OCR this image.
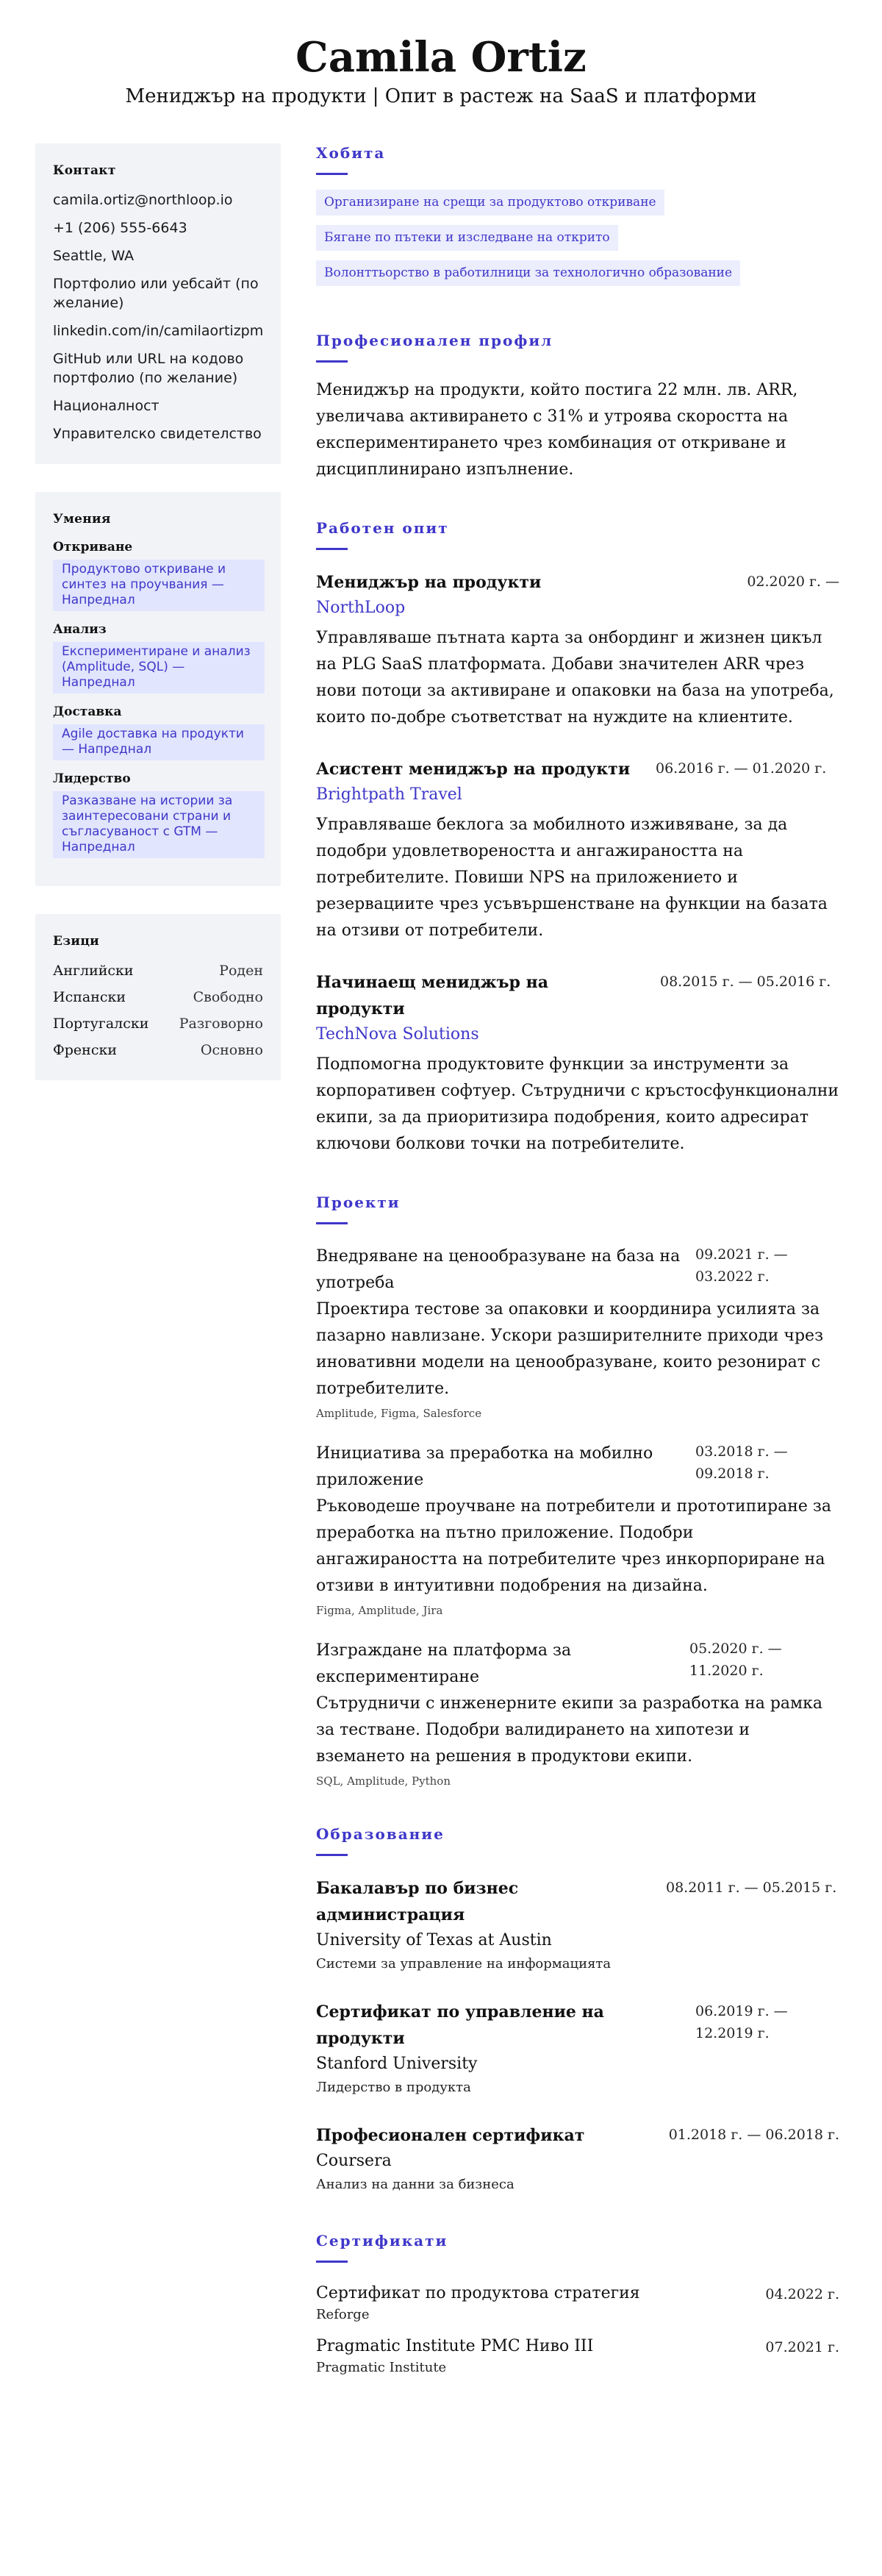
Camila Ortiz
Мениджър на продукти | Опит в растеж на SaaS и платформи
Контакт
camila.ortiz@northloop.io
+1 (206) 555-6643
Seattle, WA
Портфолио или уебсайт (по желание)
linkedin.com/in/camilaortizpm
GitHub или URL на кодово портфолио (по желание)
Националност
Управителско свидетелство
Умения
Откриване
Продуктово откриване и синтез на проучвания — Напреднал
Анализ
Експериментиране и анализ (Amplitude, SQL) — Напреднал
Доставка
Agile доставка на продукти — Напреднал
Лидерство
Разказване на истории за заинтересовани страни и съгласуваност с GTM — Напреднал
Езици
Английски	Роден
Испански	Свободно
Португалски Разговорно
Френски	Основно
Хобита
Организиране на срещи за продуктово откриване
Бягане по пътеки и изследване на открито
Волонттьорство в работилници за технологично образование
Професионален профил

Мениджър на продукти, който постига 22 млн. лв. ARR, увеличава активирането с 31% и утроява скоростта на експериментирането чрез комбинация от откриване и дисциплинирано изпълнение.

Работен опит
Мениджър на продукти	02.2020 г. —
NorthLoop

Управляваше пътната карта за онбординг и жизнен цикъл на PLG SaaS платформата. Добави значителен ARR чрез нови потоци за активиране и опаковки на база на употреба, които по-добре съответстват на нуждите на клиентите.

Асистент мениджър на продукти 06.2016 г. — 01.2020 г.
Brightpath Travel

Управляваше беклога за мобилното изживяване, за да подобри удовлетвореността и ангажираността на потребителите. Повиши NPS на приложението и резервациите чрез усъвършенстване на функции на базата на отзиви от потребители.

Начинаещ мениджър на продукти
08.2015 г. — 05.2016 г.
TechNova Solutions

Подпомогна продуктовите функции за инструменти за корпоративен софтуер. Сътрудничи с кръстосфункционални екипи, за да приоритизира подобрения, които адресират ключови болкови точки на потребителите.

Проекти
Внедряване на ценообразуване на база на употреба
09.2021 г. — 03.2022 г.

Проектира тестове за опаковки и координира усилията за пазарно навлизане. Ускори разширителните приходи чрез иновативни модели на ценообразуване, които резонират с потребителите.

Amplitude, Figma, Salesforce
Инициатива за преработка на мобилно приложение
03.2018 г. — 09.2018 г.

Ръководеше проучване на потребители и прототипиране за преработка на пътно приложение. Подобри ангажираността на потребителите чрез инкорпориране на отзиви в интуитивни подобрения на дизайна.

Figma, Amplitude, Jira
Изграждане на платформа за експериментиране
05.2020 г. — 11.2020 г.

Сътрудничи с инженерните екипи за разработка на рамка за тестване. Подобри валидирането на хипотези и вземането на решения в продуктови екипи.

SQL, Amplitude, Python
Образование
Бакалавър по бизнес администрация
08.2011 г. — 05.2015 г.
University of Texas at Austin
Системи за управление на информацията
Сертификат по управление на продукти
06.2019 г. — 12.2019 г.
Stanford University
Лидерство в продукта
Професионален сертификат	01.2018 г. — 06.2018 г.
Coursera
Анализ на данни за бизнеса
Сертификати
Сертификат по продуктова стратегия	04.2022 г.
Reforge
Pragmatic Institute PMC Ниво III	07.2021 г.
Pragmatic Institute
